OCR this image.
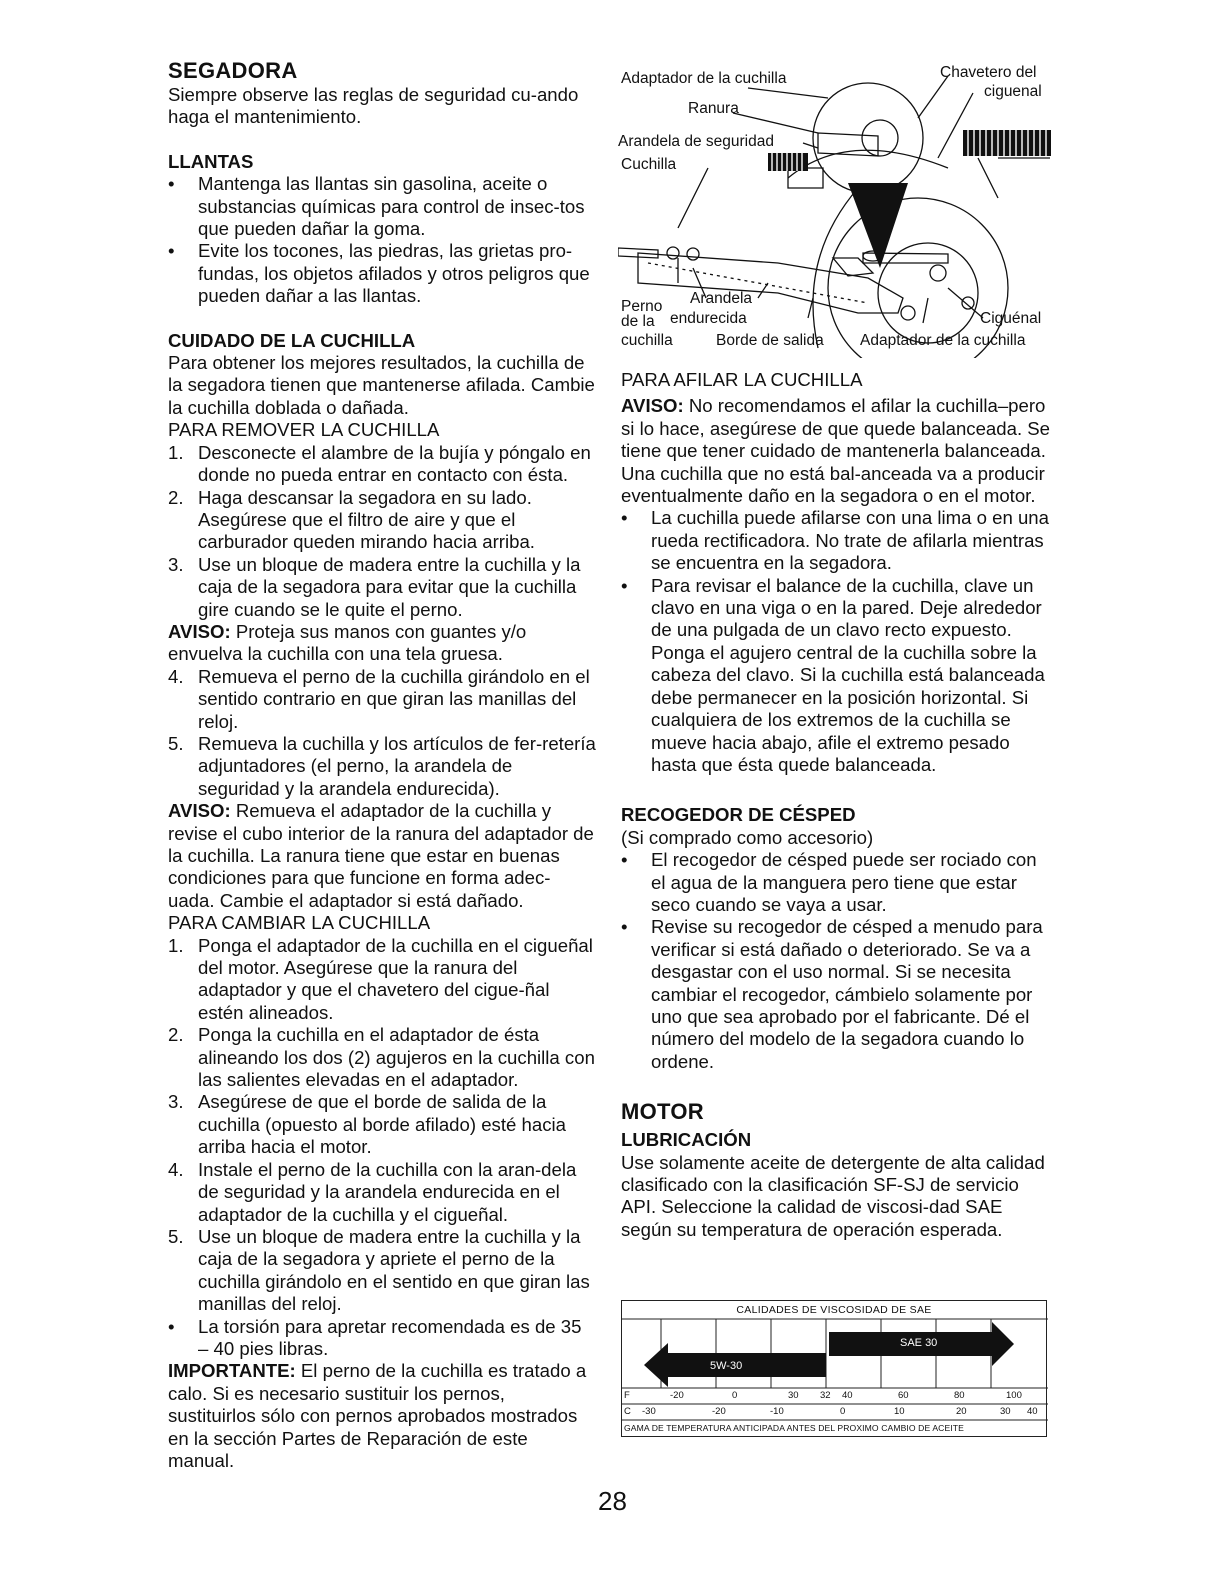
SEGADORA

Siempre observe las reglas de seguridad cu-ando haga el mantenimiento.

LLANTAS

•	Mantenga las llantas sin gasolina, aceite o substancias químicas para control de insec-tos que pueden dañar la goma.
•	Evite los tocones, las piedras, las grietas pro-fundas, los objetos afilados y otros peligros que pueden dañar a las llantas.

CUIDADO DE LA CUCHILLA

Para obtener los mejores resultados, la cuchilla de la segadora tienen que mantenerse afilada. Cambie la cuchilla doblada o dañada.

PARA REMOVER LA CUCHILLA

1. Desconecte el alambre de la bujía y póngalo en donde no pueda entrar en contacto con ésta.
2. Haga descansar la segadora en su lado. Asegúrese que el filtro de aire y que el carburador queden mirando hacia arriba.
3. Use un bloque de madera entre la cuchilla y la caja de la segadora para evitar que la cuchilla gire cuando se le quite el perno.

AVISO: Proteja sus manos con guantes y/o envuelva la cuchilla con una tela gruesa.

4. Remueva el perno de la cuchilla girándolo en el sentido contrario en que giran las manillas del reloj.
5. Remueva la cuchilla y los artículos de fer-retería adjuntadores (el perno, la arandela de seguridad y la arandela endurecida).

AVISO: Remueva el adaptador de la cuchilla y revise el cubo interior de la ranura del adaptador de la cuchilla. La ranura tiene que estar en buenas condiciones para que funcione en forma adec-uada. Cambie el adaptador si está dañado.

PARA CAMBIAR LA CUCHILLA

1. Ponga el adaptador de la cuchilla en el cigueñal del motor. Asegúrese que la ranura del adaptador y que el chavetero del cigue-ñal estén alineados.
2. Ponga la cuchilla en el adaptador de ésta alineando los dos (2) agujeros en la cuchilla con las salientes elevadas en el adaptador.
3. Asegúrese de que el borde de salida de la cuchilla (opuesto al borde afilado) esté hacia arriba hacia el motor.
4. Instale el perno de la cuchilla con la aran-dela de seguridad y la arandela endurecida en el adaptador de la cuchilla y el cigueñal.
5. Use un bloque de madera entre la cuchilla y la caja de la segadora y apriete el perno de la cuchilla girándolo en el sentido en que giran las manillas del reloj.
•	La torsión para apretar recomendada es de 35 – 40 pies libras.

IMPORTANTE: El perno de la cuchilla es tratado a calo. Si es necesario sustituir los pernos, sustituirlos sólo con pernos aprobados mostrados en la sección Partes de Reparación de este manual.

Adaptador de la cuchilla	Chavetero del
ciguenal
Ranura
Arandela de seguridad
Cuchilla
Perno
de la
cuchilla
Arandela
endurecida	Ciguénal
Borde de salida Adaptador de la cuchilla

PARA AFILAR LA CUCHILLA

AVISO: No recomendamos el afilar la cuchilla–pero si lo hace, asegúrese de que quede balanceada. Se tiene que tener cuidado de mantenerla balanceada. Una cuchilla que no está bal-anceada va a producir eventualmente daño en la segadora o en el motor.

•	La cuchilla puede afilarse con una lima o en una rueda rectificadora. No trate de afilarla mientras se encuentra en la segadora.
•	Para revisar el balance de la cuchilla, clave un clavo en una viga o en la pared. Deje alrededor de una pulgada de un clavo recto expuesto. Ponga el agujero central de la cuchilla sobre la cabeza del clavo. Si la cuchilla está balanceada debe permanecer en la posición horizontal. Si cualquiera de los extremos de la cuchilla se mueve hacia abajo, afile el extremo pesado hasta que ésta quede balanceada.

RECOGEDOR DE CÉSPED

(Si comprado como accesorio)

•	El recogedor de césped puede ser rociado con el agua de la manguera pero tiene que estar seco cuando se vaya a usar.
•	Revise su recogedor de césped a menudo para verificar si está dañado o deteriorado. Se va a desgastar con el uso normal. Si se necesita cambiar el recogedor, cámbielo solamente por uno que sea aprobado por el fabricante. Dé el número del modelo de la segadora cuando lo ordene.

MOTOR

LUBRICACIÓN

Use solamente aceite de detergente de alta calidad clasificado con la clasificación SF-SJ de servicio API. Seleccione la calidad de viscosi-dad SAE según su temperatura de operación esperada.

CALIDADES DE VISCOSIDAD DE SAE
SAE 30
5W-30
F	-20	0	30 32 40	60	80	100
C -30	-20	-10	0	10	20	30 40
GAMA DE TEMPERATURA ANTICIPADA ANTES DEL PROXIMO CAMBIO DE ACEITE
28
